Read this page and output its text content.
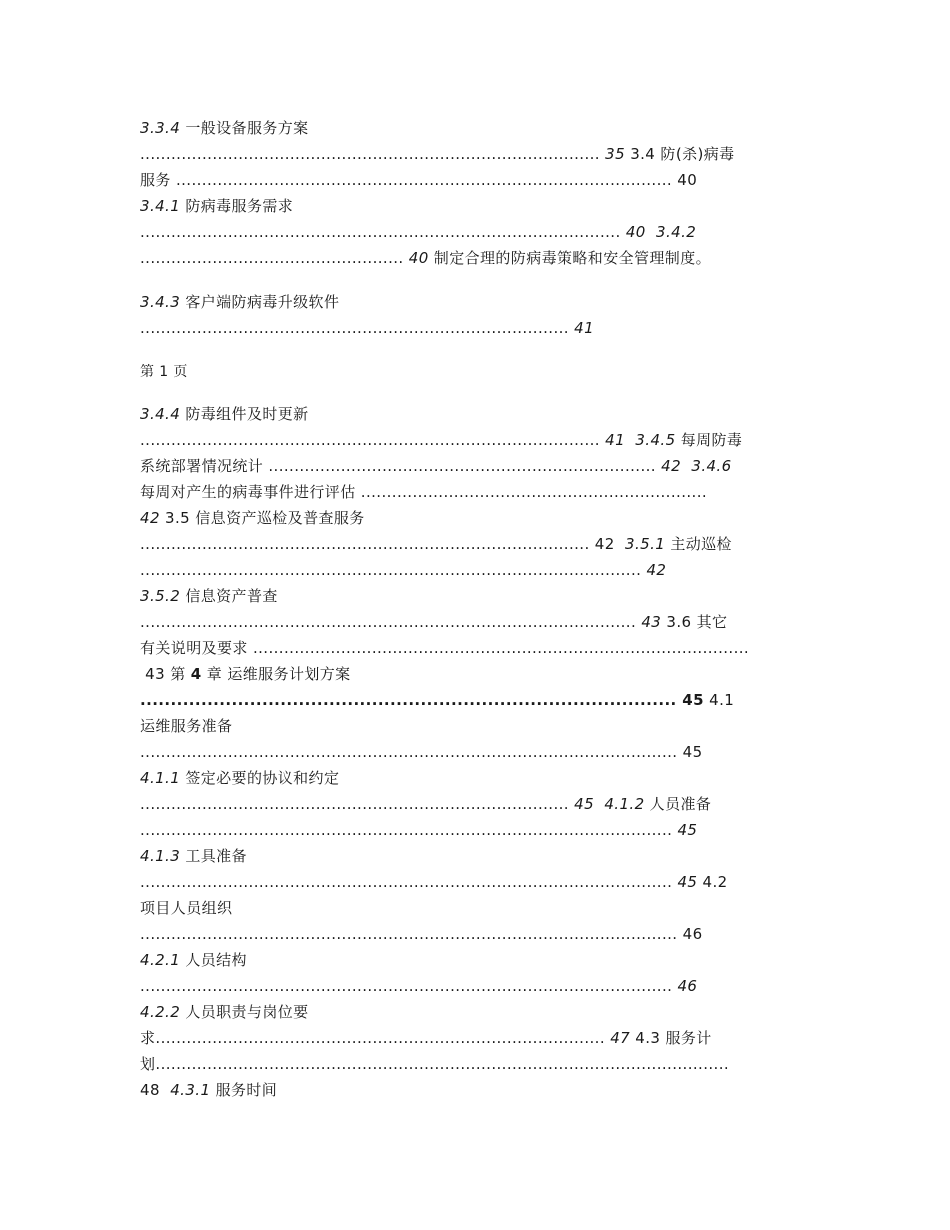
第 1 页
3.3.4 一般设备服务方案
......................................................................................... 35 3.4 防(杀)病毒
服务 ................................................................................................ 40
3.4.1 防病毒服务需求
............................................................................................. 40  3.4.2
................................................... 40 制定合理的防病毒策略和安全管理制度。
3.4.3 客户端防病毒升级软件
................................................................................... 41
3.4.4 防毒组件及时更新
......................................................................................... 41  3.4.5 每周防毒
系统部署情况统计 ........................................................................... 42  3.4.6
每周对产生的病毒事件进行评估 ...................................................................
42 3.5 信息资产巡检及普查服务
....................................................................................... 42  3.5.1 主动巡检
................................................................................................. 42
3.5.2 信息资产普查
................................................................................................ 43 3.6 其它
有关说明及要求 ................................................................................................
43 第 4 章 运维服务计划方案
........................................................................................ 45 4.1
运维服务准备
........................................................................................................ 45
4.1.1 签定必要的协议和约定
................................................................................... 45  4.1.2 人员准备
....................................................................................................... 45
4.1.3 工具准备
....................................................................................................... 45 4.2
项目人员组织
........................................................................................................ 46
4.2.1 人员结构
....................................................................................................... 46
4.2.2 人员职责与岗位要
求....................................................................................... 47 4.3 服务计
划...............................................................................................................
48  4.3.1 服务时间
